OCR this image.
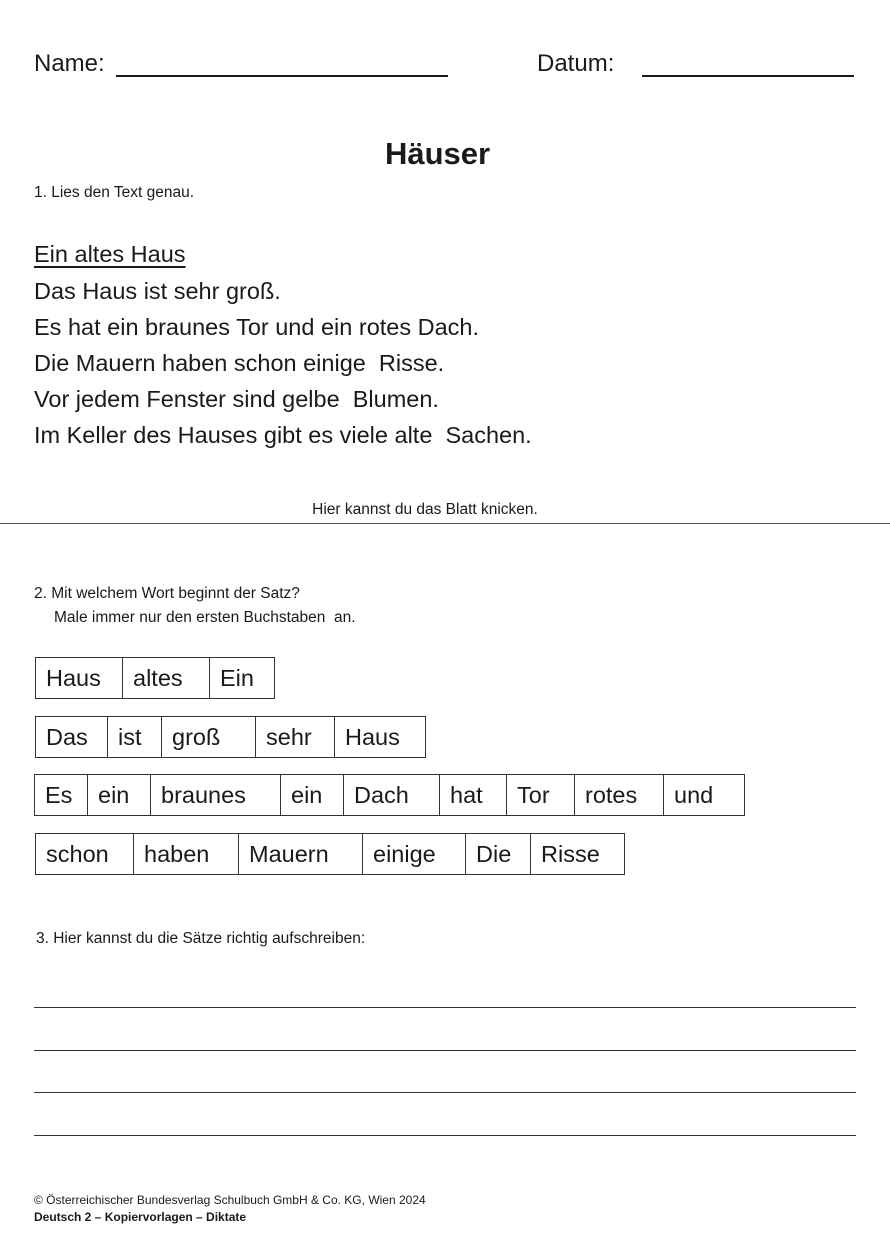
Name:	Datum:
Häuser
1. Lies den Text genau.
Ein altes Haus
Das Haus ist sehr groß.
Es hat ein braunes Tor und ein rotes Dach.
Die Mauern haben schon einige  Risse.
Vor jedem Fenster sind gelbe  Blumen.
Im Keller des Hauses gibt es viele alte  Sachen.
Hier kannst du das Blatt knicken.
2. Mit welchem Wort beginnt der Satz?
Male immer nur den ersten Buchstaben  an.
Haus	altes	Ein
Das	ist	groß	sehr	Haus
Es	ein	braunes	ein	Dach	hat	Tor	rotes	und
schon	haben	Mauern	einige	Die	Risse
3. Hier kannst du die Sätze richtig aufschreiben:
© Österreichischer Bundesverlag Schulbuch GmbH & Co. KG, Wien 2024
Deutsch 2 – Kopiervorlagen – Diktate
